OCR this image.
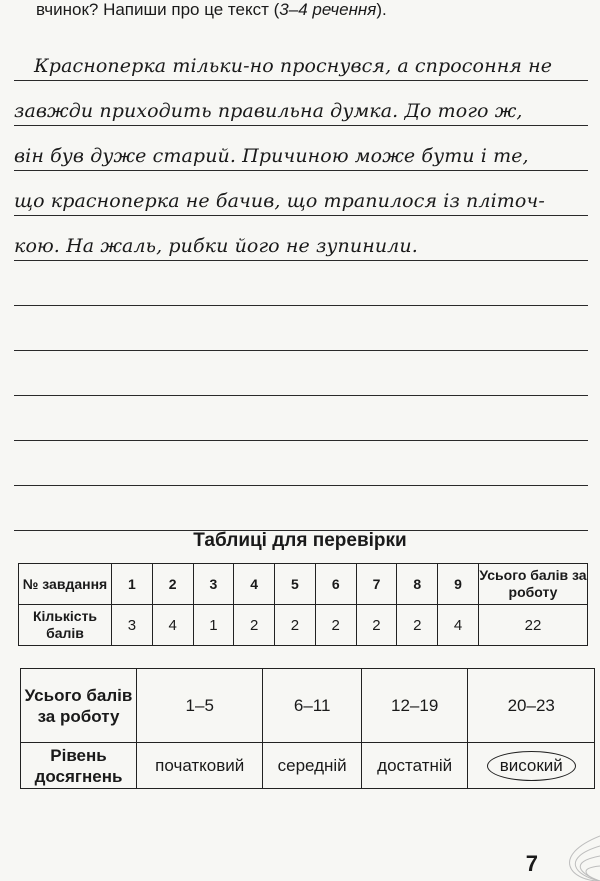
вчинок? Напиши про це текст (3–4 речення).
Красноперка тільки-но проснувся, а спросоння не
завжди приходить правильна думка. До того ж,
він був дуже старий. Причиною може бути і те,
що красноперка не бачив, що трапилося із пліточ-
кою. На жаль, рибки його не зупинили.
Таблиці для перевірки
№ завдання	1	2	3	4	5	6	7	8	9	Усього балів за роботу
Кількість балів	3	4	1	2	2	2	2	2	4	22
Усього балів за роботу	1–5	6–11	12–19	20–23
Рівень досягнень	початковий	середній	достатній	високий
7
